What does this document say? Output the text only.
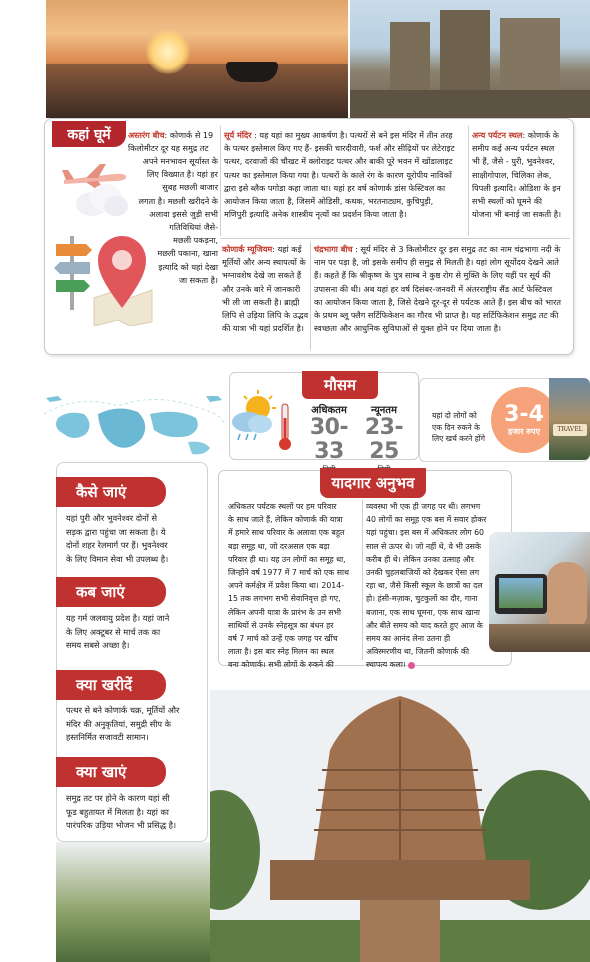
कहां घूमें	अस्तरंग बीच: कोणार्क से 19
किलोमीटर दूर यह समुद्र तट

अपने मनभावन सूर्यास्त के
लिए विख्यात है। यहां हर
सुबह मछली बाजार
लगता है। मछली खरीदने के
अलावा इससे जुड़ी सभी
गतिविधियां जैसे-
मछली पकड़ना,
मछली पकाना, खाना
इत्यादि को यहां देखा
जा सकता है।
सूर्य मंदिर : यह यहां का मुख्य आकर्षण है। पत्थरों से बने इस मंदिर में तीन तरह
के पत्थर इस्तेमाल किए गए हैं- इसकी चारदीवारी, फर्श और सीढ़ियों पर लेटेराइट
पत्थर, दरवाजों की चौखट में क्लोराइट पत्थर और बाकी पूरे भवन में खोंडालाइट
पत्थर का इस्तेमाल किया गया है। पत्थरों के काले रंग के कारण यूरोपीय नाविकों
द्वारा इसे ब्लैक पगोडा कहा जाता था। यहां हर वर्ष कोणार्क डांस फेस्टिवल का
आयोजन किया जाता है, जिसमें ओडिसी, कथक, भरतनाट्यम, कुचिपुड़ी,
मणिपुरी इत्यादि अनेक शास्त्रीय नृत्यों का प्रदर्शन किया जाता है।
अन्य पर्यटन स्थल: कोणार्क के
समीप कई अन्य पर्यटन स्थल
भी हैं, जैसे - पुरी, भुवनेश्वर,
साक्षीगोपाल, चिलिका लेक,
पिपली इत्यादि। ओडिशा के इन
सभी स्थलों को घूमने की
योजना भी बनाई जा सकती है।
कोणार्क म्यूजियम: यहां कई
मूर्तियों और अन्य स्थापत्यों के
भग्नावशेष देखे जा सकते हैं
और उनके बारे में जानकारी
भी ली जा सकती है। ब्राह्मी
लिपि से उड़िया लिपि के उद्भव
की यात्रा भी यहां प्रदर्शित है।
चंद्रभागा बीच : सूर्य मंदिर से 3 किलोमीटर दूर इस समुद्र तट का नाम चंद्रभागा नदी के
नाम पर पड़ा है, जो इसके समीप ही समुद्र से मिलती है। यहां लोग सूर्योदय देखने आते
हैं। कहते हैं कि श्रीकृष्ण के पुत्र साम्ब ने कुष्ठ रोग से मुक्ति के लिए यहीं पर सूर्य की
उपासना की थी। अब यहां हर वर्ष दिसंबर-जनवरी में अंतरराष्ट्रीय सैंड आर्ट फेस्टिवल
का आयोजन किया जाता है, जिसे देखने दूर-दूर से पर्यटक आते हैं। इस बीच को भारत
के प्रथम ब्लू फ्लैग सर्टिफिकेशन का गौरव भी प्राप्त है। यह सर्टिफिकेशन समुद्र तट की
स्वच्छता और आधुनिक सुविधाओं से युक्त होने पर दिया जाता है।
मौसम
अधिकतम
30-33
न्यूनतम
23-25
यहां दो लोगों को
एक दिन रुकने के
लिए खर्च करने होंगे
3-4
हजार रुपए	TRAVEL
कैसे जाएं
यहां पुरी और भुवनेश्वर दोनों से
सड़क द्वारा पहुंचा जा सकता है। ये
दोनों शहर रेलमार्ग पर हैं। भुवनेश्वर
के लिए विमान सेवा भी उपलब्ध है।
कब जाएं
यह गर्म जलवायु प्रदेश है। यहां जाने
के लिए अक्टूबर से मार्च तक का
समय सबसे अच्छा है।
क्या खरीदें
पत्थर से बने कोणार्क चक्र, मूर्तियों और
मंदिर की अनुकृतियां, समुद्री सीप के
हस्तनिर्मित सजावटी सामान।
क्या खाएं
समुद्र तट पर होने के कारण यहां सी
फूड बहुतायत में मिलता है। यहां का
पारंपरिक उड़िया भोजन भी प्रसिद्ध है।
यादगार अनुभव
अधिकतर पर्यटक स्थलों पर हम परिवार
के साथ जाते हैं, लेकिन कोणार्क की यात्रा
में हमारे साथ परिवार के अलावा एक बहुत
बड़ा समूह था, जो दरअसल एक बड़ा
परिवार ही था। यह उन लोगों का समूह था,
जिन्होंने वर्ष 1977 में 7 मार्च को एक साथ
अपने कर्मक्षेत्र में प्रवेश किया था। 2014-
15 तक लगभग सभी सेवानिवृत्त हो गए,
लेकिन अपनी यात्रा के प्रारंभ के उन सभी
साथियों से उनके स्नेहसूत्र का बंधन हर
वर्ष 7 मार्च को उन्हें एक जगह पर खींच
लाता है। इस बार स्नेह मिलन का स्थल
बना कोणार्क। सभी लोगों के रुकने की
व्यवस्था भी एक ही जगह पर थी। लगभग
40 लोगों का समूह एक बस में सवार होकर
यहां पहुंचा। इस बस में अधिकतर लोग 60
साल से ऊपर थे। जो नहीं थे, वे भी उसके
करीब ही थे। लेकिन उनका उत्साह और
उनकी चुहलबाजियों को देखकर ऐसा लग
रहा था, जैसे किसी स्कूल के छात्रों का दल
हो। हंसी-मज़ाक, चुटकुलों का दौर, गाना
बजाना, एक साथ घूमना, एक साथ खाना
और बीते समय को याद करते हुए आज के
समय का आनंद लेना उतना ही
अविस्मरणीय था, जितनी कोणार्क की
स्थापत्य कला।
